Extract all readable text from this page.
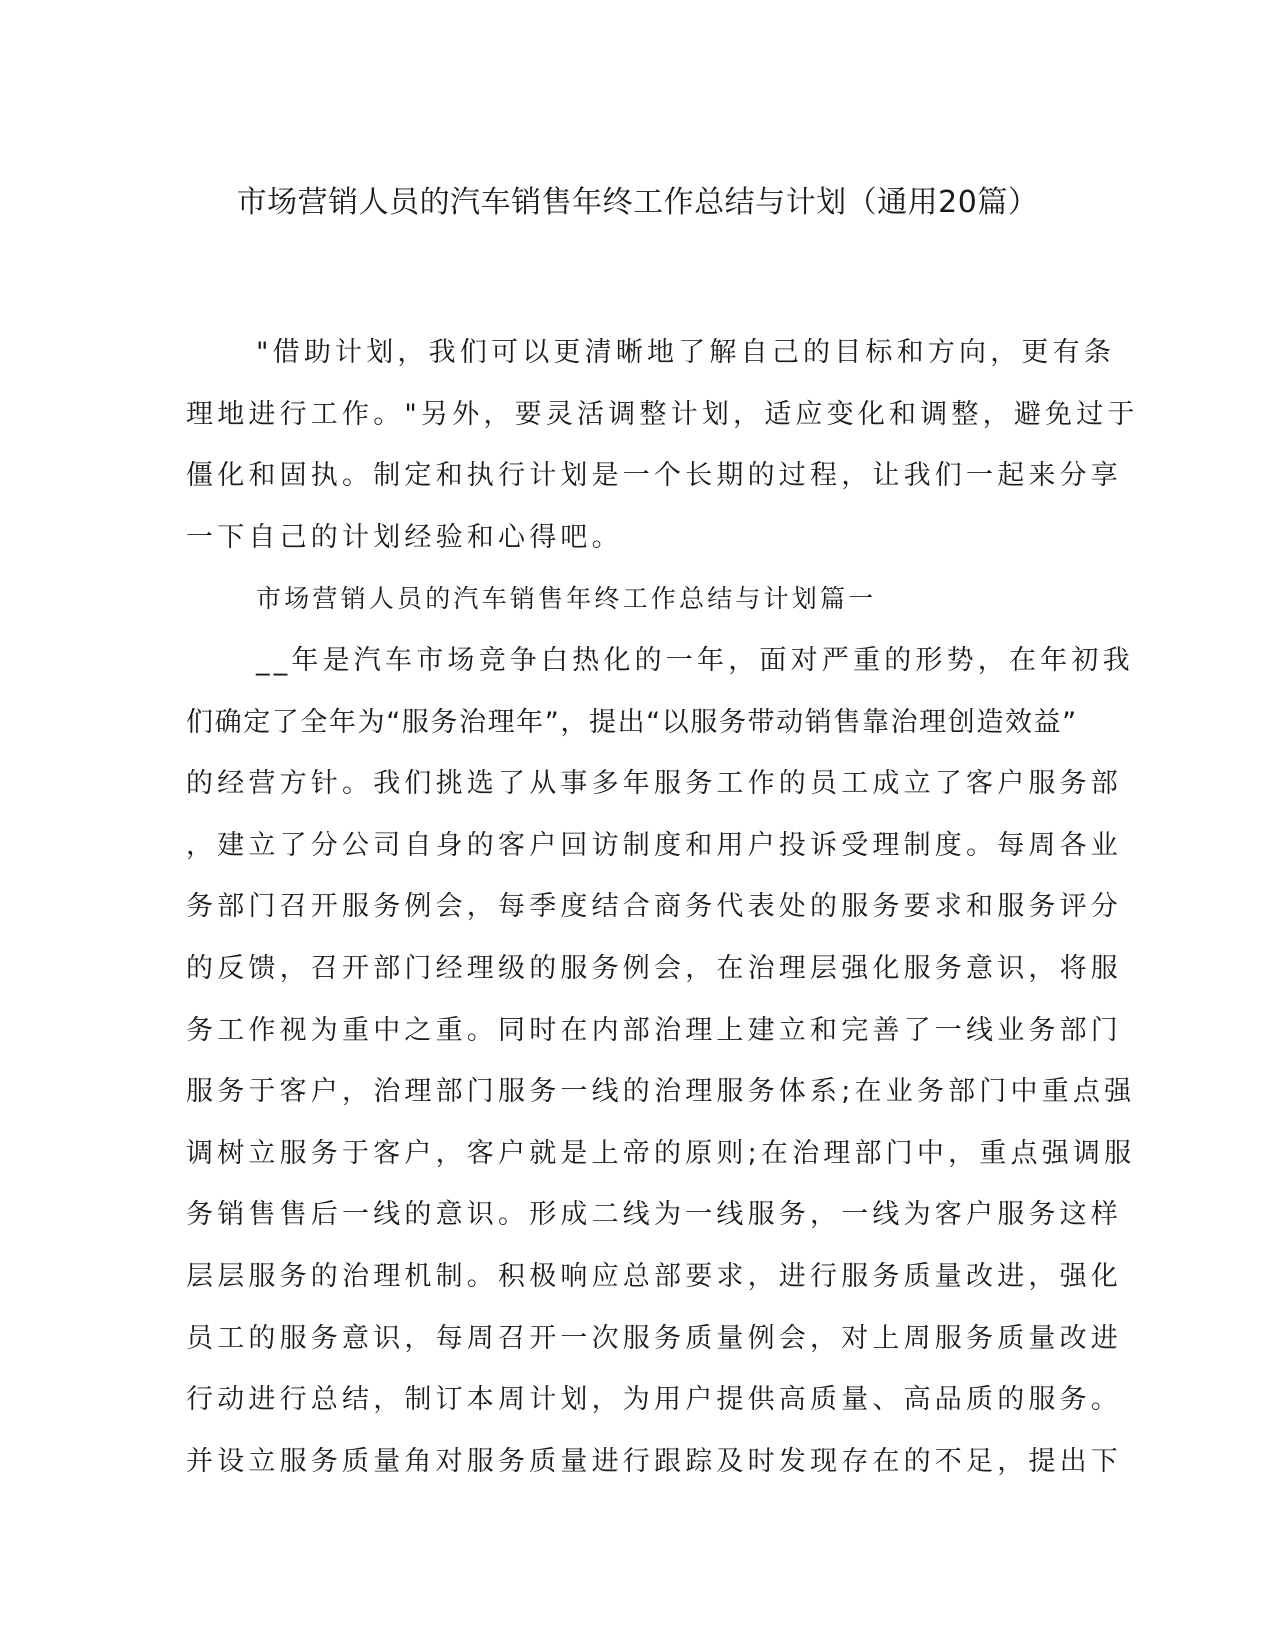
市场营销人员的汽车销售年终工作总结与计划（通用20篇）
"借助计划，我们可以更清晰地了解自己的目标和方向，更有条
理地进行工作。"另外，要灵活调整计划，适应变化和调整，避免过于
僵化和固执。制定和执行计划是一个长期的过程，让我们一起来分享
一下自己的计划经验和心得吧。
市场营销人员的汽车销售年终工作总结与计划篇一
__年是汽车市场竞争白热化的一年，面对严重的形势，在年初我
们确定了全年为“服务治理年”，提出“以服务带动销售靠治理创造效益”
的经营方针。我们挑选了从事多年服务工作的员工成立了客户服务部
，建立了分公司自身的客户回访制度和用户投诉受理制度。每周各业
务部门召开服务例会，每季度结合商务代表处的服务要求和服务评分
的反馈，召开部门经理级的服务例会，在治理层强化服务意识，将服
务工作视为重中之重。同时在内部治理上建立和完善了一线业务部门
服务于客户，治理部门服务一线的治理服务体系;在业务部门中重点强
调树立服务于客户，客户就是上帝的原则;在治理部门中，重点强调服
务销售售后一线的意识。形成二线为一线服务，一线为客户服务这样
层层服务的治理机制。积极响应总部要求，进行服务质量改进，强化
员工的服务意识，每周召开一次服务质量例会，对上周服务质量改进
行动进行总结，制订本周计划，为用户提供高质量、高品质的服务。
并设立服务质量角对服务质量进行跟踪及时发现存在的不足，提出下
